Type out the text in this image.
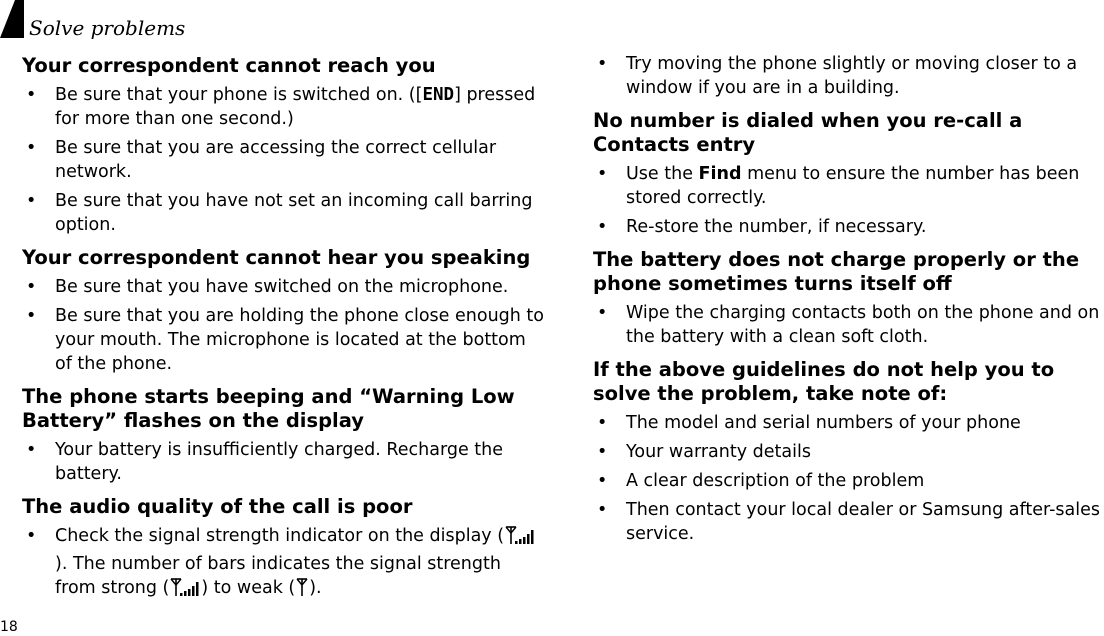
Solve problems
Your correspondent cannot reach you
• Be sure that your phone is switched on. ([END] pressed for more than one second.)
• Be sure that you are accessing the correct cellular network.
• Be sure that you have not set an incoming call barring option.
Your correspondent cannot hear you speaking
• Be sure that you have switched on the microphone.
• Be sure that you are holding the phone close enough to your mouth. The microphone is located at the bottom of the phone.
The phone starts beeping and “Warning Low Battery” flashes on the display
• Your battery is insufficiently charged. Recharge the battery.
The audio quality of the call is poor
• Check the signal strength indicator on the display (). The number of bars indicates the signal strength from strong ( ) to weak ( ).
• Try moving the phone slightly or moving closer to a window if you are in a building.
No number is dialed when you re-call a Contacts entry
• Use the Find menu to ensure the number has been stored correctly.
• Re-store the number, if necessary.
The battery does not charge properly or the phone sometimes turns itself off
• Wipe the charging contacts both on the phone and on the battery with a clean soft cloth.
If the above guidelines do not help you to solve the problem, take note of:
• The model and serial numbers of your phone
• Your warranty details
• A clear description of the problem
• Then contact your local dealer or Samsung after-sales service.
18
